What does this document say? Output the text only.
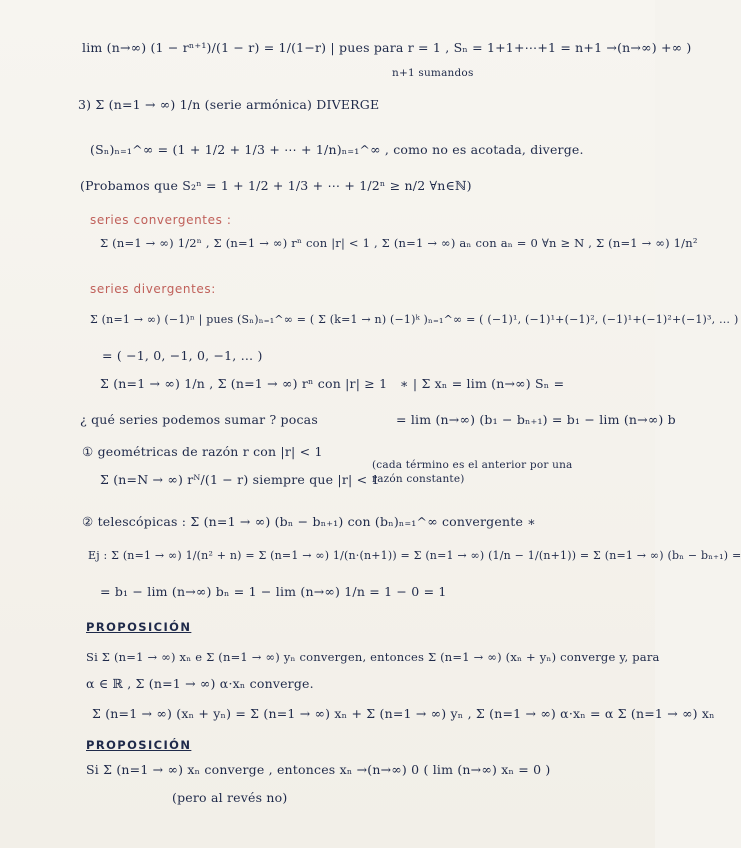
lim (n→∞) (1 − rⁿ⁺¹)/(1 − r) = 1/(1−r) | pues para r = 1 , Sₙ = 1+1+⋯+1 = n+1 →(n→∞) +∞ )
n+1 sumandos
3) Σ (n=1 → ∞) 1/n (serie armónica) DIVERGE
(Sₙ)ₙ₌₁^∞ = (1 + 1/2 + 1/3 + ⋯ + 1/n)ₙ₌₁^∞ , como no es acotada, diverge.
(Probamos que S₂ⁿ = 1 + 1/2 + 1/3 + ⋯ + 1/2ⁿ ≥ n/2 ∀n∈ℕ)
series convergentes :
Σ (n=1 → ∞) 1/2ⁿ , Σ (n=1 → ∞) rⁿ con |r| < 1 , Σ (n=1 → ∞) aₙ con aₙ = 0 ∀n ≥ N , Σ (n=1 → ∞) 1/n²
series divergentes:
Σ (n=1 → ∞) (−1)ⁿ | pues (Sₙ)ₙ₌₁^∞ = ( Σ (k=1 → n) (−1)ᵏ )ₙ₌₁^∞ = ( (−1)¹, (−1)¹+(−1)², (−1)¹+(−1)²+(−1)³, … )
= ( −1, 0, −1, 0, −1, … )
Σ (n=1 → ∞) 1/n , Σ (n=1 → ∞) rⁿ con |r| ≥ 1 ∗ | Σ xₙ = lim (n→∞) Sₙ =
¿ qué series podemos sumar ? pocas	= lim (n→∞) (b₁ − bₙ₊₁) = b₁ − lim (n→∞) b
① geométricas de razón r con |r| < 1
(cada término es el anterior por una razón constante)
Σ (n=N → ∞) rᴺ/(1 − r) siempre que |r| < 1
② telescópicas : Σ (n=1 → ∞) (bₙ − bₙ₊₁) con (bₙ)ₙ₌₁^∞ convergente ∗
Ej : Σ (n=1 → ∞) 1/(n² + n) = Σ (n=1 → ∞) 1/(n·(n+1)) = Σ (n=1 → ∞) (1/n − 1/(n+1)) = Σ (n=1 → ∞) (bₙ − bₙ₊₁) =
= b₁ − lim (n→∞) bₙ = 1 − lim (n→∞) 1/n = 1 − 0 = 1
PROPOSICIÓN
Si Σ (n=1 → ∞) xₙ e Σ (n=1 → ∞) yₙ convergen, entonces Σ (n=1 → ∞) (xₙ + yₙ) converge y, para
α ∈ ℝ , Σ (n=1 → ∞) α·xₙ converge.
Σ (n=1 → ∞) (xₙ + yₙ) = Σ (n=1 → ∞) xₙ + Σ (n=1 → ∞) yₙ , Σ (n=1 → ∞) α·xₙ = α Σ (n=1 → ∞) xₙ
PROPOSICIÓN
Si Σ (n=1 → ∞) xₙ converge , entonces xₙ →(n→∞) 0 ( lim (n→∞) xₙ = 0 )
(pero al revés no)
